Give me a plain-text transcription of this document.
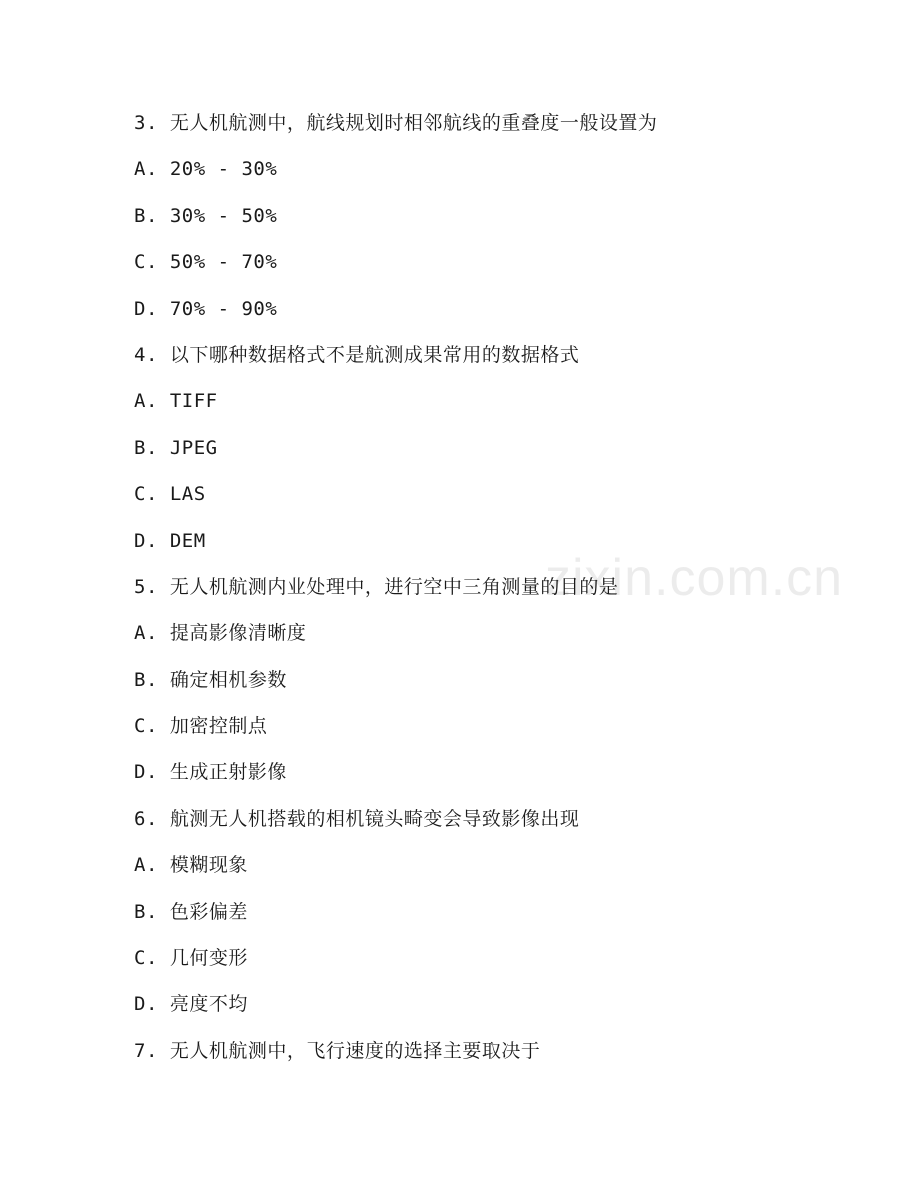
3. 无人机航测中，航线规划时相邻航线的重叠度一般设置为
A. 20% - 30%
B. 30% - 50%
C. 50% - 70%
D. 70% - 90%
4. 以下哪种数据格式不是航测成果常用的数据格式
A. TIFF
B. JPEG
C. LAS
D. DEM
5. 无人机航测内业处理中，进行空中三角测量的目的是
A. 提高影像清晰度
B. 确定相机参数
C. 加密控制点
D. 生成正射影像
6. 航测无人机搭载的相机镜头畸变会导致影像出现
A. 模糊现象
B. 色彩偏差
C. 几何变形
D. 亮度不均
7. 无人机航测中，飞行速度的选择主要取决于
zixin.com.cn
